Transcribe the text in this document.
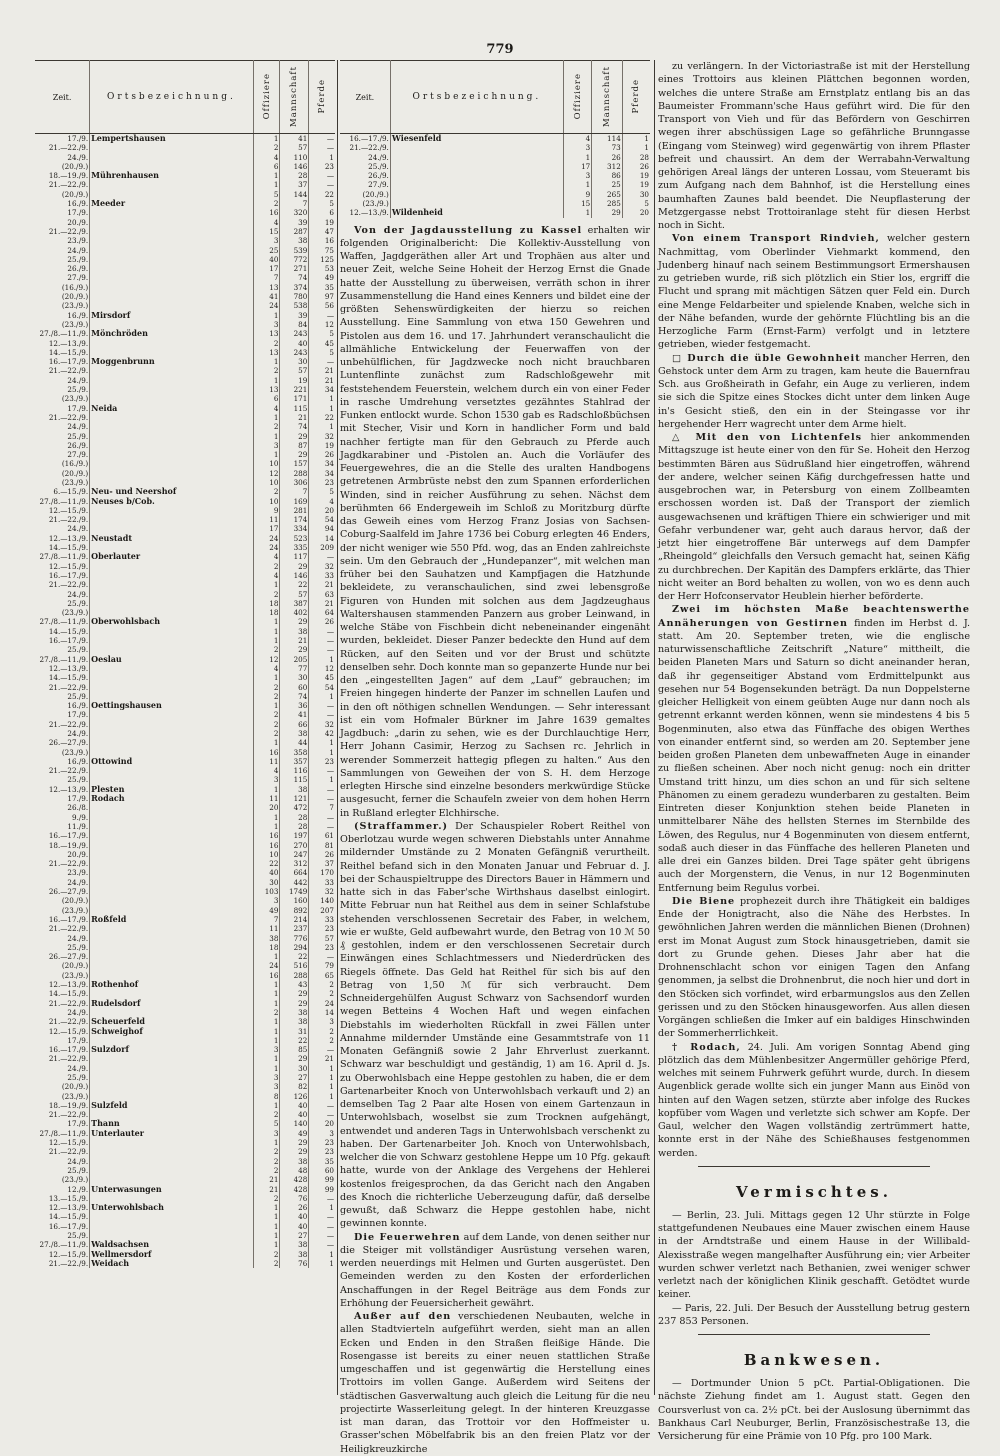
779
Zeit.	Ortsbezeichnung.	Offiziere	Mannschaft	Pferde
17./9.	Lempertshausen	1	41	—
21.—22./9.		2	57	—
24./9.		4	110	1
(20./9.)		6	146	23
18.—19./9.	Mührenhausen	1	28	—
21.—22./9.		1	37	—
(20./9.)		5	144	22
16./9.	Meeder	2	7	5
17./9.		16	320	6
20./9.		4	39	19
21.—22./9.		15	287	47
23./9.		3	38	16
24./9.		25	539	75
25./9.		40	772	125
26./9.		17	271	53
27./9.		7	74	49
(16./9.)		13	374	35
(20./9.)		41	780	97
(23./9.)		24	538	56
16./9.	Mirsdorf	1	39	—
(23./9.)		3	84	12
27./8.—11./9.	Mönchröden	13	243	5
12.—13./9.		2	40	45
14.—15./9.		13	243	5
16.—17./9.	Moggenbrunn	1	30	—
21.—22./9.		2	57	21
24./9.		1	19	21
25./9.		13	221	34
(23./9.)		6	171	1
17./9.	Neida	4	115	1
21.—22./9.		1	21	22
24./9.		2	74	1
25./9.		1	29	32
26./9.		3	87	19
27./9.		1	29	26
(16./9.)		10	157	34
(20./9.)		12	288	34
(23./9.)		10	306	23
6.—15./9.	Neu- und Neershof	2	7	5
27./8.—11./9.	Neuses b/Cob.	10	169	4
12.—15./9.		9	281	20
21.—22./9.		11	174	54
24./9.		17	334	94
12.—13./9.	Neustadt	24	523	14
14.—15./9.		24	335	209
27./8.—11./9.	Oberlauter	4	117	—
12.—15./9.		2	29	32
16.—17./9.		4	146	33
21.—22./9.		1	22	21
24./9.		2	57	63
25./9.		18	387	21
(23./9.)		18	402	64
27./8.—11./9.	Oberwohlsbach	1	29	26
14.—15./9.		1	38	—
16.—17./9.		1	21	—
25./9.		2	29	—
27./8.—11./9.	Oeslau	12	205	1
12.—13./9.		4	77	12
14.—15./9.		1	30	45
21.—22./9.		2	60	54
25./9.		2	74	1
16./9.	Oettingshausen	1	36	—
17./9.		2	41	—
21.—22./9.		2	66	32
24./9.		2	38	42
26.—27./9.		1	44	1
(23./9.)		16	358	1
16./9.	Ottowind	11	357	23
21.—22./9.		4	116	—
25./9.		3	115	1
12.—13./9.	Plesten	1	38	—
17./9.	Rodach	11	121	—
26./8.		20	472	7
9./9.		1	28	—
11./9.		1	28	—
16.—17./9.		16	197	61
18.—19./9.		16	270	81
20./9.		10	247	26
21.—22./9.		22	312	37
23./9.		40	664	170
24./9.		30	442	33
26.—27./9.		103	1749	32
(20./9.)		3	160	140
(23./9.)		49	892	207
16.—17./9.	Roßfeld	7	214	33
21.—22./9.		11	237	23
24./9.		38	776	57
25./9.		18	294	23
26.—27./9.		1	22	—
(20./9.)		24	516	79
(23./9.)		16	288	65
12.—13./9.	Rothenhof	1	43	2
14.—15./9.		1	29	2
21.—22./9.	Rudelsdorf	1	29	24
24./9.		2	38	14
21.—22./9.	Scheuerfeld	1	38	3
12.—15./9.	Schweighof	1	31	2
17./9.		1	22	2
16.—17./9.	Sulzdorf	3	85	—
21.—22./9.		1	29	21
24./9.		1	30	1
25./9.		3	27	1
(20./9.)		3	82	1
(23./9.)		8	126	1
18.—19./9.	Sulzfeld	1	40	—
21.—22./9.		2	40	—
17./9.	Thann	5	140	20
27./8.—11./9.	Unterlauter	3	49	3
12.—15./9.		1	29	23
21.—22./9.		2	29	23
24./9.		2	38	35
25./9.		2	48	60
(23./9.)		21	428	99
12./9.	Unterwasungen	21	428	99
13.—15./9.		2	76	—
12.—13./9.	Unterwohlsbach	1	26	1
14.—15./9.		1	40	—
16.—17./9.		1	40	—
25./9.		1	27	—
27./8.—11./9.	Waldsachsen	1	38	—
12.—15./9.	Wellmersdorf	2	38	1
21.—22./9.	Weidach	2	76	1
Zeit.	Ortsbezeichnung.	Offiziere	Mannschaft	Pferde
16.—17./9.	Wiesenfeld	4	114	1
21.—22./9.		3	73	1
24./9.		1	26	28
25./9.		17	312	26
26./9.		3	86	19
27./9.		1	25	19
(20./9.)		9	265	30
(23./9.)		15	285	5
12.—13./9.	Wildenheid	1	29	20

Von der Jagdausstellung zu Kassel erhalten wir folgenden Originalbericht: Die Kollektiv-Ausstellung von Waffen, Jagdgeräthen aller Art und Trophäen aus alter und neuer Zeit, welche Seine Hoheit der Herzog Ernst die Gnade hatte der Ausstellung zu überweisen, verräth schon in ihrer Zusammenstellung die Hand eines Kenners und bildet eine der größten Sehenswürdigkeiten der hierzu so reichen Ausstellung. Eine Sammlung von etwa 150 Gewehren und Pistolen aus dem 16. und 17. Jahrhundert veranschaulicht die allmähliche Entwickelung der Feuerwaffen von der unbehülflichen, für Jagdzwecke noch nicht brauchbaren Luntenflinte zunächst zum Radschloßgewehr mit feststehendem Feuerstein, welchem durch ein von einer Feder in rasche Umdrehung versetztes gezähntes Stahlrad der Funken entlockt wurde. Schon 1530 gab es Radschloßbüchsen mit Stecher, Visir und Korn in handlicher Form und bald nachher fertigte man für den Gebrauch zu Pferde auch Jagdkarabiner und -Pistolen an. Auch die Vorläufer des Feuergewehres, die an die Stelle des uralten Handbogens getretenen Armbrüste nebst den zum Spannen erforderlichen Winden, sind in reicher Ausführung zu sehen. Nächst dem berühmten 66 Endergeweih im Schloß zu Moritzburg dürfte das Geweih eines vom Herzog Franz Josias von Sachsen-Coburg-Saalfeld im Jahre 1736 bei Coburg erlegten 46 Enders, der nicht weniger wie 550 Pfd. wog, das an Enden zahlreichste sein. Um den Gebrauch der „Hundepanzer“, mit welchen man früher bei den Sauhatzen und Kampfjagen die Hatzhunde bekleidete, zu veranschaulichen, sind zwei lebensgroße Figuren von Hunden mit solchen aus dem Jagdzeughaus Waltershausen stammenden Panzern aus grober Leinwand, in welche Stäbe von Fischbein dicht nebeneinander eingenäht wurden, bekleidet. Dieser Panzer bedeckte den Hund auf dem Rücken, auf den Seiten und vor der Brust und schützte denselben sehr. Doch konnte man so gepanzerte Hunde nur bei den „eingestellten Jagen“ auf dem „Lauf“ gebrauchen; im Freien hingegen hinderte der Panzer im schnellen Laufen und in den oft nöthigen schnellen Wendungen. — Sehr interessant ist ein vom Hofmaler Bürkner im Jahre 1639 gemaltes Jagdbuch: „darin zu sehen, wie es der Durchlauchtige Herr, Herr Johann Casimir, Herzog zu Sachsen rc. Jehrlich in werender Sommerzeit hattegig pflegen zu halten.“ Aus den Sammlungen von Geweihen der von S. H. dem Herzoge erlegten Hirsche sind einzelne besonders merkwürdige Stücke ausgesucht, ferner die Schaufeln zweier von dem hohen Herrn in Rußland erlegter Elchhirsche.

(Straffammer.) Der Schauspieler Robert Reithel von Oberlotzau wurde wegen schweren Diebstahls unter Annahme mildernder Umstände zu 2 Monaten Gefängniß verurtheilt. Reithel befand sich in den Monaten Januar und Februar d. J. bei der Schauspieltruppe des Directors Bauer in Hämmern und hatte sich in das Faber'sche Wirthshaus daselbst einlogirt. Mitte Februar nun hat Reithel aus dem in seiner Schlafstube stehenden verschlossenen Secretair des Faber, in welchem, wie er wußte, Geld aufbewahrt wurde, den Betrag von 10 ℳ 50 ₰ gestohlen, indem er den verschlossenen Secretair durch Einwängen eines Schlachtmessers und Niederdrücken des Riegels öffnete. Das Geld hat Reithel für sich bis auf den Betrag von 1,50 ℳ für sich verbraucht. Dem Schneidergehülfen August Schwarz von Sachsendorf wurden wegen Betteins 4 Wochen Haft und wegen einfachen Diebstahls im wiederholten Rückfall in zwei Fällen unter Annahme mildernder Umstände eine Gesammtstrafe von 11 Monaten Gefängniß sowie 2 Jahr Ehrverlust zuerkannt. Schwarz war beschuldigt und geständig, 1) am 16. April d. Js. zu Oberwohlsbach eine Heppe gestohlen zu haben, die er dem Gartenarbeiter Knoch von Unterwohlsbach verkauft und 2) an demselben Tag 2 Paar alte Hosen von einem Gartenzaun in Unterwohlsbach, woselbst sie zum Trocknen aufgehängt, entwendet und anderen Tags in Unterwohlsbach verschenkt zu haben. Der Gartenarbeiter Joh. Knoch von Unterwohlsbach, welcher die von Schwarz gestohlene Heppe um 10 Pfg. gekauft hatte, wurde von der Anklage des Vergehens der Hehlerei kostenlos freigesprochen, da das Gericht nach den Angaben des Knoch die richterliche Ueberzeugung dafür, daß derselbe gewußt, daß Schwarz die Heppe gestohlen habe, nicht gewinnen konnte.

Die Feuerwehren auf dem Lande, von denen seither nur die Steiger mit vollständiger Ausrüstung versehen waren, werden neuerdings mit Helmen und Gurten ausgerüstet. Den Gemeinden werden zu den Kosten der erforderlichen Anschaffungen in der Regel Beiträge aus dem Fonds zur Erhöhung der Feuersicherheit gewährt.

Außer auf den verschiedenen Neubauten, welche in allen Stadtvierteln aufgeführt werden, sieht man an allen Ecken und Enden in den Straßen fleißige Hände. Die Rosengasse ist bereits zu einer neuen stattlichen Straße umgeschaffen und ist gegenwärtig die Herstellung eines Trottoirs im vollen Gange. Außerdem wird Seitens der städtischen Gasverwaltung auch gleich die Leitung für die neu projectirte Wasserleitung gelegt. In der hinteren Kreuzgasse ist man daran, das Trottoir vor den Hoffmeister u. Grasser'schen Möbelfabrik bis an den freien Platz vor der Heiligkreuzkirche

zu verlängern. In der Victoriastraße ist mit der Herstellung eines Trottoirs aus kleinen Plättchen begonnen worden, welches die untere Straße am Ernstplatz entlang bis an das Baumeister Frommann'sche Haus geführt wird. Die für den Transport von Vieh und für das Befördern von Geschirren wegen ihrer abschüssigen Lage so gefährliche Brunngasse (Eingang vom Steinweg) wird gegenwärtig von ihrem Pflaster befreit und chaussirt. An dem der Werrabahn-Verwaltung gehörigen Areal längs der unteren Lossau, vom Steueramt bis zum Aufgang nach dem Bahnhof, ist die Herstellung eines baumhaften Zaunes bald beendet. Die Neupflasterung der Metzgergasse nebst Trottoiranlage steht für diesen Herbst noch in Sicht.

Von einem Transport Rindvieh, welcher gestern Nachmittag, vom Oberlinder Viehmarkt kommend, den Judenberg hinauf nach seinem Bestimmungsort Ermershausen zu getrieben wurde, riß sich plötzlich ein Stier los, ergriff die Flucht und sprang mit mächtigen Sätzen quer Feld ein. Durch eine Menge Feldarbeiter und spielende Knaben, welche sich in der Nähe befanden, wurde der gehörnte Flüchtling bis an die Herzogliche Farm (Ernst-Farm) verfolgt und in letztere getrieben, wieder festgemacht.

□ Durch die üble Gewohnheit mancher Herren, den Gehstock unter dem Arm zu tragen, kam heute die Bauernfrau Sch. aus Großheirath in Gefahr, ein Auge zu verlieren, indem sie sich die Spitze eines Stockes dicht unter dem linken Auge in's Gesicht stieß, den ein in der Steingasse vor ihr hergehender Herr wagrecht unter dem Arme hielt.

△ Mit den von Lichtenfels hier ankommenden Mittagszuge ist heute einer von den für Se. Hoheit den Herzog bestimmten Bären aus Südrußland hier eingetroffen, während der andere, welcher seinen Käfig durchgefressen hatte und ausgebrochen war, in Petersburg von einem Zollbeamten erschossen worden ist. Daß der Transport der ziemlich ausgewachsenen und kräftigen Thiere ein schwieriger und mit Gefahr verbundener war, geht auch daraus hervor, daß der jetzt hier eingetroffene Bär unterwegs auf dem Dampfer „Rheingold“ gleichfalls den Versuch gemacht hat, seinen Käfig zu durchbrechen. Der Kapitän des Dampfers erklärte, das Thier nicht weiter an Bord behalten zu wollen, von wo es denn auch der Herr Hofconservator Heublein hierher beförderte.

Zwei im höchsten Maße beachtenswerthe Annäherungen von Gestirnen finden im Herbst d. J. statt. Am 20. September treten, wie die englische naturwissenschaftliche Zeitschrift „Nature“ mittheilt, die beiden Planeten Mars und Saturn so dicht aneinander heran, daß ihr gegenseitiger Abstand vom Erdmittelpunkt aus gesehen nur 54 Bogensekunden beträgt. Da nun Doppelsterne gleicher Helligkeit von einem geübten Auge nur dann noch als getrennt erkannt werden können, wenn sie mindestens 4 bis 5 Bogenminuten, also etwa das Fünffache des obigen Werthes von einander entfernt sind, so werden am 20. September jene beiden großen Planeten dem unbewaffneten Auge in einander zu fließen scheinen. Aber noch nicht genug: noch ein dritter Umstand tritt hinzu, um dies schon an und für sich seltene Phänomen zu einem geradezu wunderbaren zu gestalten. Beim Eintreten dieser Konjunktion stehen beide Planeten in unmittelbarer Nähe des hellsten Sternes im Sternbilde des Löwen, des Regulus, nur 4 Bogenminuten von diesem entfernt, sodaß auch dieser in das Fünffache des helleren Planeten und alle drei ein Ganzes bilden. Drei Tage später geht übrigens auch der Morgenstern, die Venus, in nur 12 Bogenminuten Entfernung beim Regulus vorbei.

Die Biene prophezeit durch ihre Thätigkeit ein baldiges Ende der Honigtracht, also die Nähe des Herbstes. In gewöhnlichen Jahren werden die männlichen Bienen (Drohnen) erst im Monat August zum Stock hinausgetrieben, damit sie dort zu Grunde gehen. Dieses Jahr aber hat die Drohnenschlacht schon vor einigen Tagen den Anfang genommen, ja selbst die Drohnenbrut, die noch hier und dort in den Stöcken sich vorfindet, wird erbarmungslos aus den Zellen gerissen und zu den Stöcken hinausgeworfen. Aus allen diesen Vorgängen schließen die Imker auf ein baldiges Hinschwinden der Sommerherrlichkeit.

† Rodach, 24. Juli. Am vorigen Sonntag Abend ging plötzlich das dem Mühlenbesitzer Angermüller gehörige Pferd, welches mit seinem Fuhrwerk geführt wurde, durch. In diesem Augenblick gerade wollte sich ein junger Mann aus Einöd von hinten auf den Wagen setzen, stürzte aber infolge des Ruckes kopfüber vom Wagen und verletzte sich schwer am Kopfe. Der Gaul, welcher den Wagen vollständig zertrümmert hatte, konnte erst in der Nähe des Schießhauses festgenommen werden.

Vermischtes.

— Berlin, 23. Juli. Mittags gegen 12 Uhr stürzte in Folge stattgefundenen Neubaues eine Mauer zwischen einem Hause in der Arndtstraße und einem Hause in der Willibald-Alexisstraße wegen mangelhafter Ausführung ein; vier Arbeiter wurden schwer verletzt nach Bethanien, zwei weniger schwer verletzt nach der königlichen Klinik geschafft. Getödtet wurde keiner.

— Paris, 22. Juli. Der Besuch der Ausstellung betrug gestern 237 853 Personen.

Bankwesen.

— Dortmunder Union 5 pCt. Partial-Obligationen. Die nächste Ziehung findet am 1. August statt. Gegen den Coursverlust von ca. 2½ pCt. bei der Auslosung übernimmt das Bankhaus Carl Neuburger, Berlin, Französischestraße 13, die Versicherung für eine Prämie von 10 Pfg. pro 100 Mark.
